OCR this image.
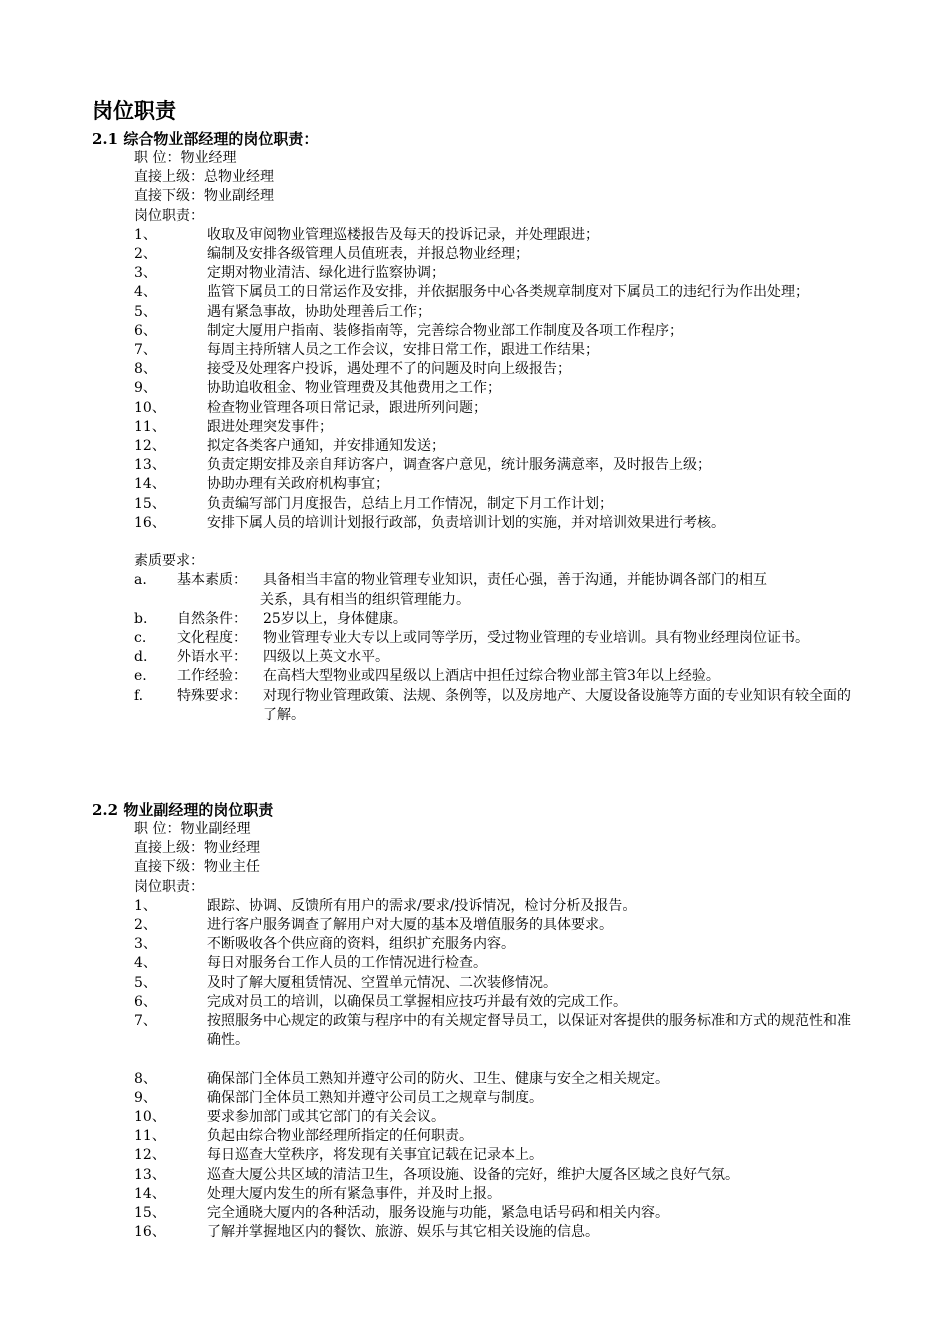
岗位职责
2.1 综合物业部经理的岗位职责：
职 位：物业经理
直接上级：总物业经理
直接下级：物业副经理
岗位职责：
1、	收取及审阅物业管理巡楼报告及每天的投诉记录，并处理跟进；
2、	编制及安排各级管理人员值班表，并报总物业经理；
3、	定期对物业清洁、绿化进行监察协调；
4、	监管下属员工的日常运作及安排，并依据服务中心各类规章制度对下属员工的违纪行为作出处理；
5、	遇有紧急事故，协助处理善后工作；
6、	制定大厦用户指南、装修指南等，完善综合物业部工作制度及各项工作程序；
7、	每周主持所辖人员之工作会议，安排日常工作，跟进工作结果；
8、	接受及处理客户投诉，遇处理不了的问题及时向上级报告；
9、	协助追收租金、物业管理费及其他费用之工作；
10、	检查物业管理各项日常记录，跟进所列问题；
11、	跟进处理突发事件；
12、	拟定各类客户通知，并安排通知发送；
13、	负责定期安排及亲自拜访客户，调查客户意见，统计服务满意率，及时报告上级；
14、	协助办理有关政府机构事宜；
15、	负责编写部门月度报告，总结上月工作情况，制定下月工作计划；
16、	安排下属人员的培训计划报行政部，负责培训计划的实施，并对培训效果进行考核。
素质要求：
a.	基本素质：	具备相当丰富的物业管理专业知识，责任心强，善于沟通，并能协调各部门的相互
关系，具有相当的组织管理能力。
b.	自然条件：	25岁以上，身体健康。
c.	文化程度：	物业管理专业大专以上或同等学历，受过物业管理的专业培训。具有物业经理岗位证书。
d.	外语水平：	四级以上英文水平。
e.	工作经验：	在高档大型物业或四星级以上酒店中担任过综合物业部主管3年以上经验。
f.	特殊要求：	对现行物业管理政策、法规、条例等，以及房地产、大厦设备设施等方面的专业知识有较全面的了解。
2.2 物业副经理的岗位职责
职 位：物业副经理
直接上级：物业经理
直接下级：物业主任
岗位职责：
1、	跟踪、协调、反馈所有用户的需求/要求/投诉情况，检讨分析及报告。
2、	进行客户服务调查了解用户对大厦的基本及增值服务的具体要求。
3、	不断吸收各个供应商的资料，组织扩充服务内容。
4、	每日对服务台工作人员的工作情况进行检查。
5、	及时了解大厦租赁情况、空置单元情况、二次装修情况。
6、	完成对员工的培训，以确保员工掌握相应技巧并最有效的完成工作。
7、	按照服务中心规定的政策与程序中的有关规定督导员工，以保证对客提供的服务标准和方式的规范性和准确性。
8、	确保部门全体员工熟知并遵守公司的防火、卫生、健康与安全之相关规定。
9、	确保部门全体员工熟知并遵守公司员工之规章与制度。
10、	要求参加部门或其它部门的有关会议。
11、	负起由综合物业部经理所指定的任何职责。
12、	每日巡查大堂秩序，将发现有关事宜记载在记录本上。
13、	巡查大厦公共区域的清洁卫生，各项设施、设备的完好，维护大厦各区域之良好气氛。
14、	处理大厦内发生的所有紧急事件，并及时上报。
15、	完全通晓大厦内的各种活动，服务设施与功能，紧急电话号码和相关内容。
16、	了解并掌握地区内的餐饮、旅游、娱乐与其它相关设施的信息。
